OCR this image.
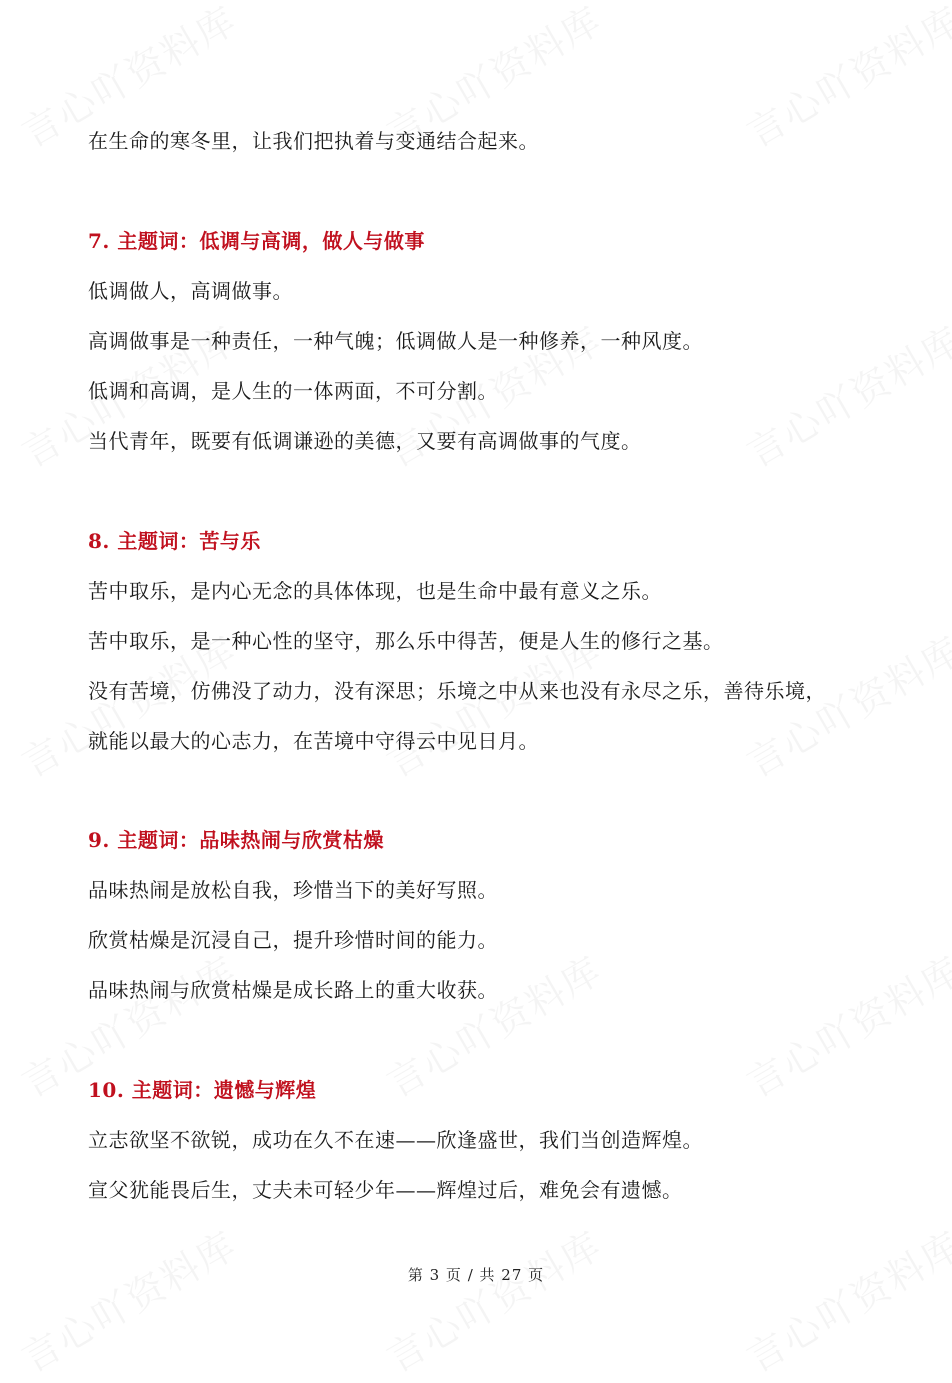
在生命的寒冬里，让我们把执着与变通结合起来。
7. 主题词：低调与高调，做人与做事
低调做人，高调做事。
高调做事是一种责任，一种气魄；低调做人是一种修养，一种风度。
低调和高调，是人生的一体两面，不可分割。
当代青年，既要有低调谦逊的美德，又要有高调做事的气度。
8. 主题词：苦与乐
苦中取乐，是内心无念的具体体现，也是生命中最有意义之乐。
苦中取乐，是一种心性的坚守，那么乐中得苦，便是人生的修行之基。
没有苦境，仿佛没了动力，没有深思；乐境之中从来也没有永尽之乐，善待乐境，
就能以最大的心志力，在苦境中守得云中见日月。
9. 主题词：品味热闹与欣赏枯燥
品味热闹是放松自我，珍惜当下的美好写照。
欣赏枯燥是沉浸自己，提升珍惜时间的能力。
品味热闹与欣赏枯燥是成长路上的重大收获。
10. 主题词：遗憾与辉煌
立志欲坚不欲锐，成功在久不在速——欣逢盛世，我们当创造辉煌。
宣父犹能畏后生，丈夫未可轻少年——辉煌过后，难免会有遗憾。
第 3 页 / 共 27 页
